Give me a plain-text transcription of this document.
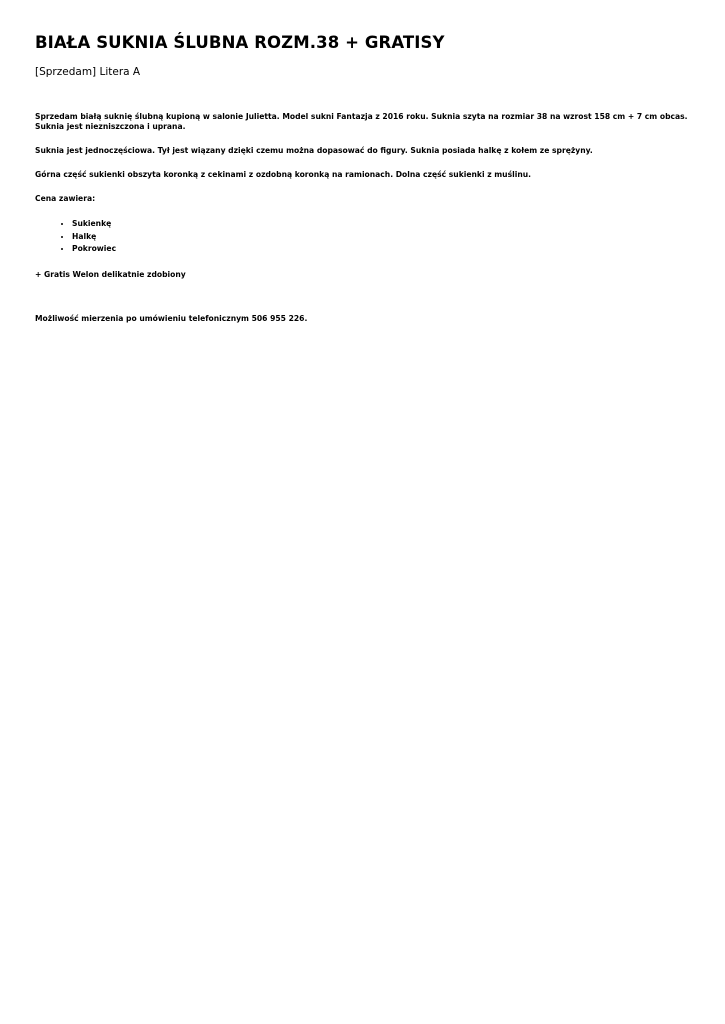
BIAŁA SUKNIA ŚLUBNA ROZM.38 + GRATISY
[Sprzedam] Litera A

Sprzedam białą suknię ślubną kupioną w salonie Julietta. Model sukni Fantazja z 2016 roku. Suknia szyta na rozmiar 38 na wzrost 158 cm + 7 cm obcas.
Suknia jest niezniszczona i uprana.

Suknia jest jednoczęściowa. Tył jest wiązany dzięki czemu można dopasować do figury. Suknia posiada halkę z kołem ze sprężyny.

Górna część sukienki obszyta koronką z cekinami z ozdobną koronką na ramionach. Dolna część sukienki z muślinu.

Cena zawiera:

• Sukienkę
• Halkę
• Pokrowiec

+ Gratis Welon delikatnie zdobiony

Możliwość mierzenia po umówieniu telefonicznym 506 955 226.
